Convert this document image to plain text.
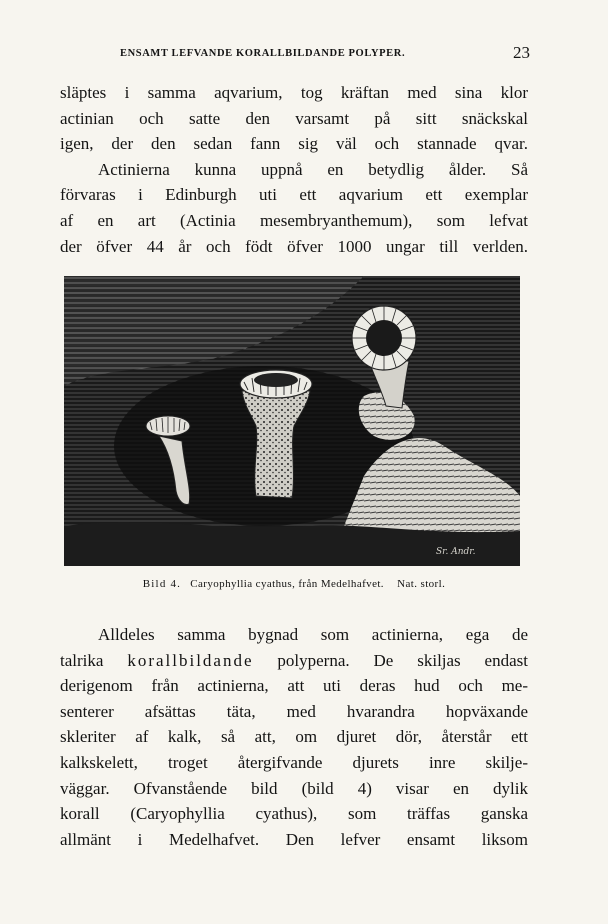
ENSAMT LEFVANDE KORALLBILDANDE POLYPER.	23
släptes i samma aqvarium, tog kräftan med sina klor
actinian och satte den varsamt på sitt snäckskal
igen, der den sedan fann sig väl och stannade qvar.
Actinierna kunna uppnå en betydlig ålder. Så
förvaras i Edinburgh uti ett aqvarium ett exemplar
af en art (Actinia mesembryanthemum), som lefvat
der öfver 44 år och födt öfver 1000 ungar till verlden.
Sr. Andr.
Bild 4. Caryophyllia cyathus, från Medelhafvet. Nat. storl.
Alldeles samma bygnad som actinierna, ega de
talrika korallbildande polyperna. De skiljas endast
derigenom från actinierna, att uti deras hud och me-
senterer afsättas täta, med hvarandra hopväxande
skleriter af kalk, så att, om djuret dör, återstår ett
kalkskelett, troget återgifvande djurets inre skilje-
väggar. Ofvanstående bild (bild 4) visar en dylik
korall (Caryophyllia cyathus), som träffas ganska
allmänt i Medelhafvet. Den lefver ensamt liksom
